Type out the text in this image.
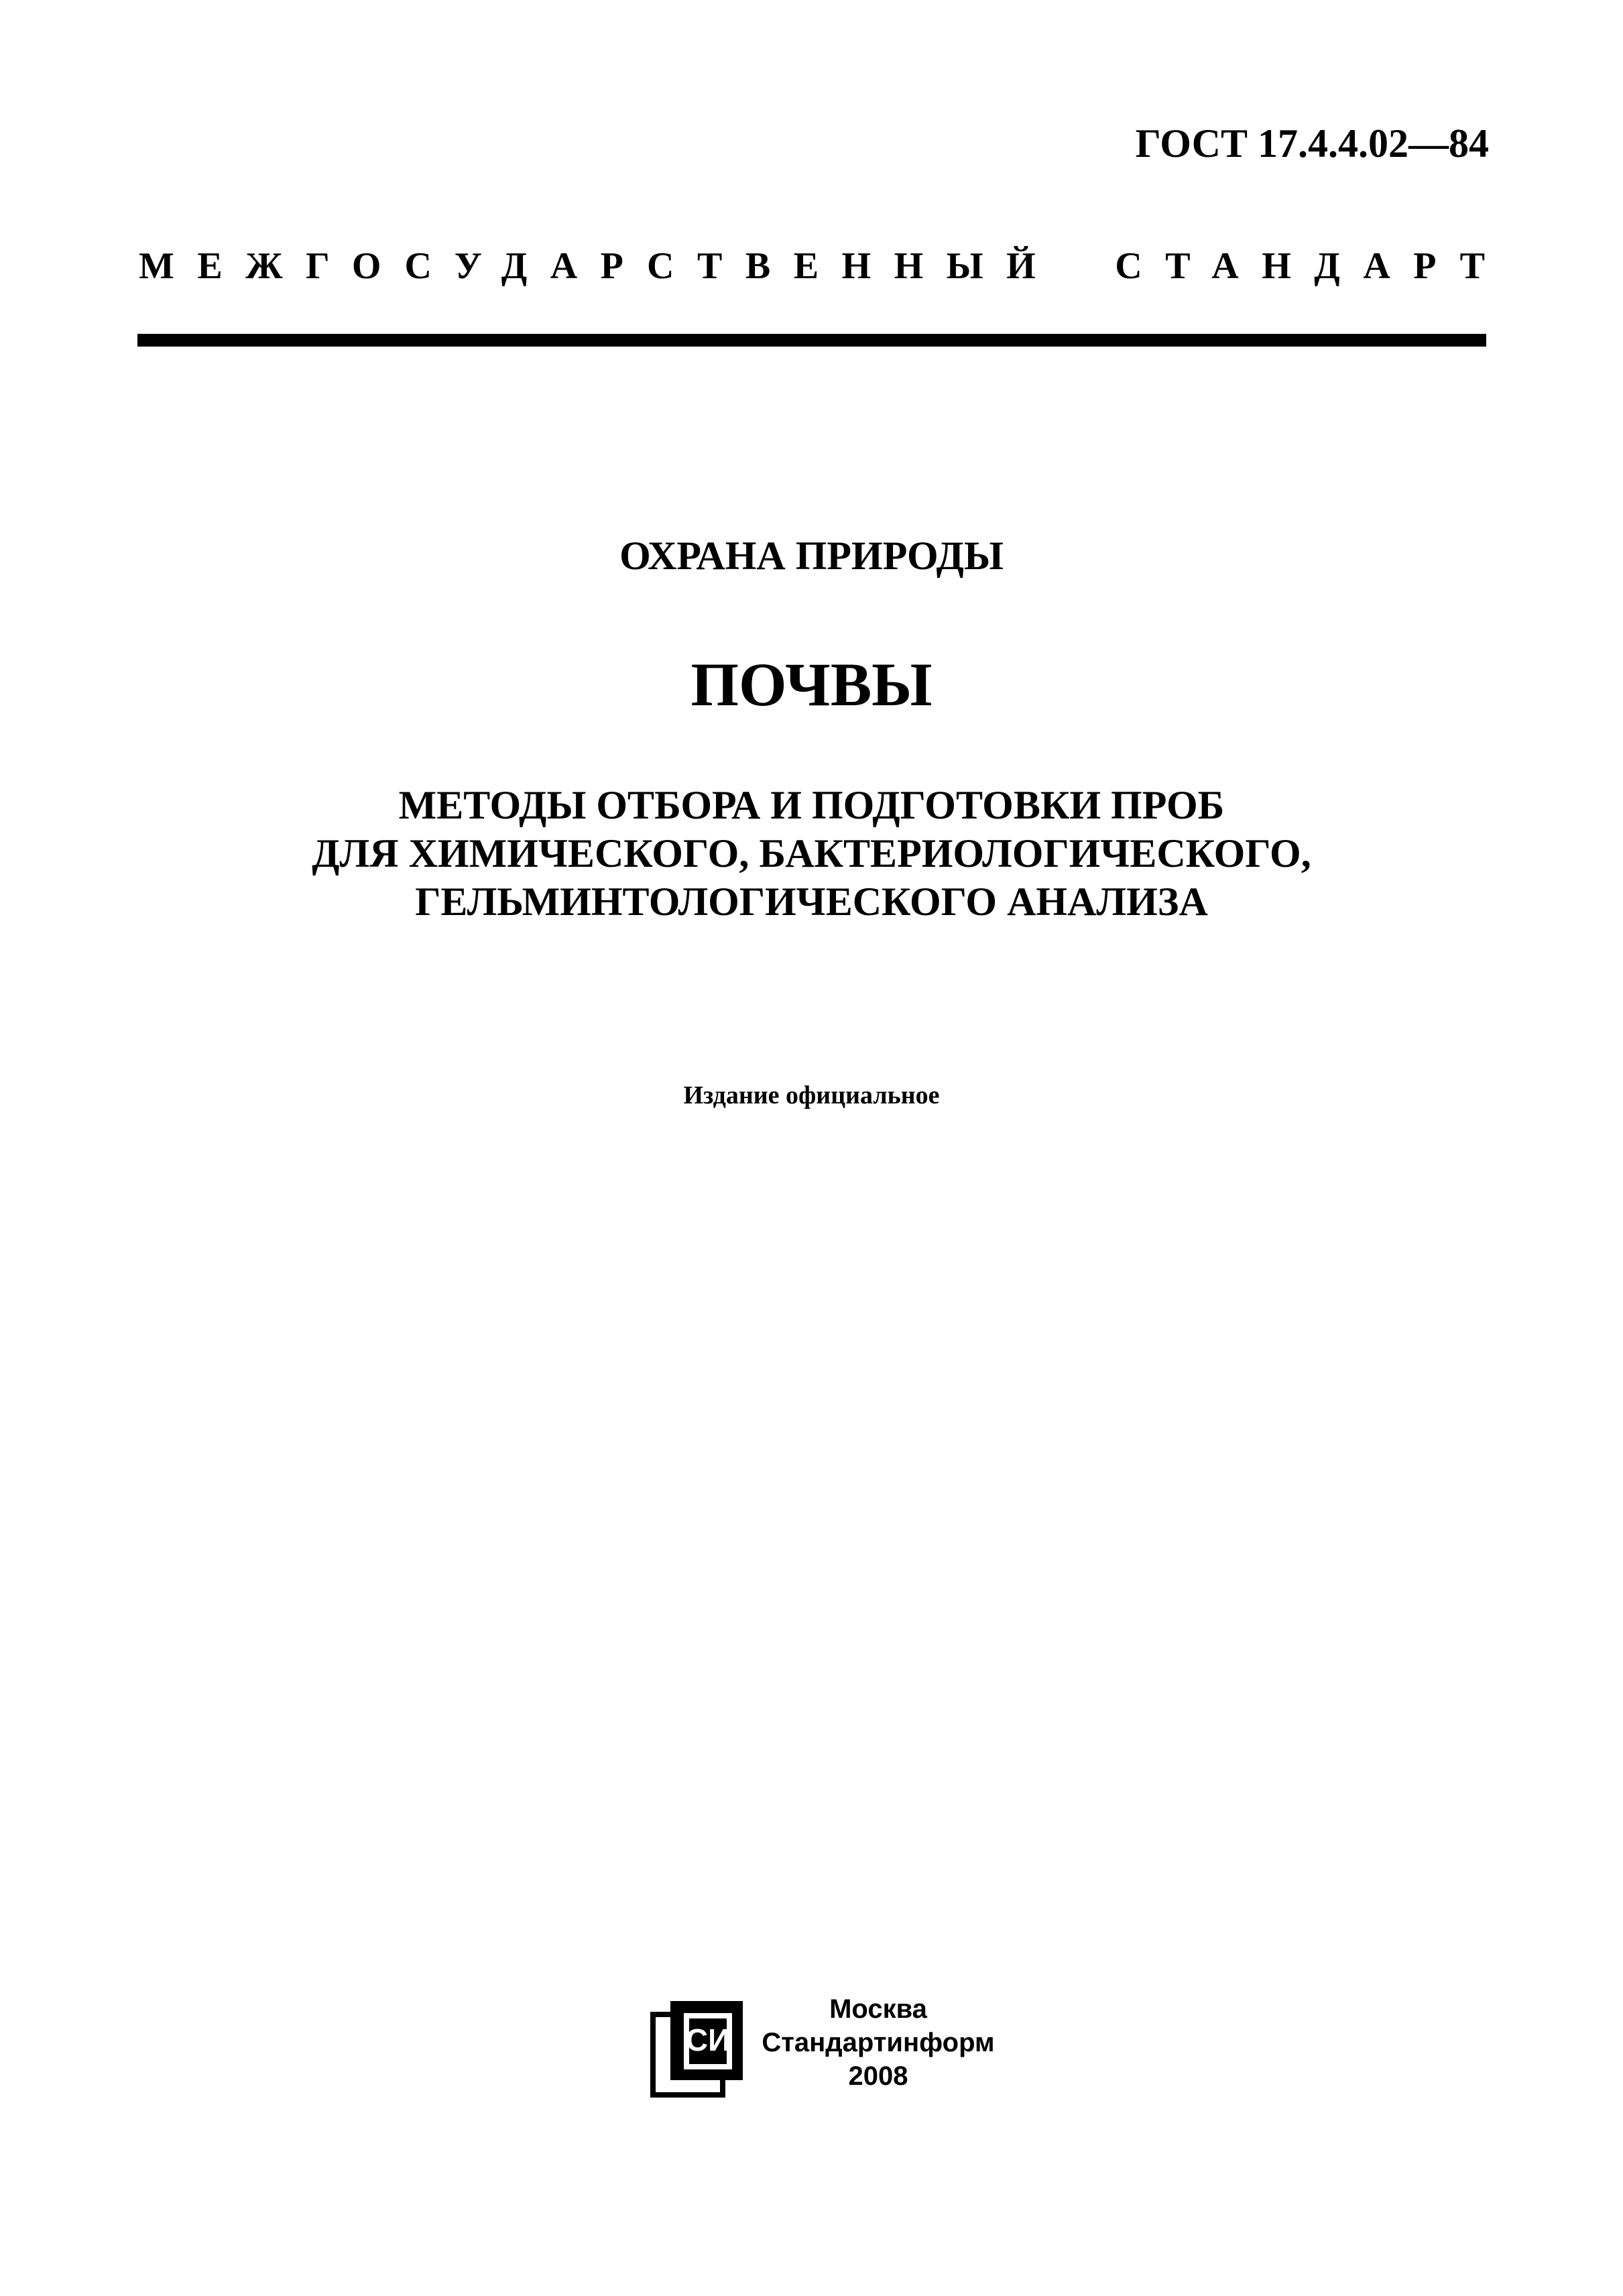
ГОСТ 17.4.4.02—84
МЕЖГОСУДАРСТВЕННЫЙ СТАНДАРТ
ОХРАНА ПРИРОДЫ
ПОЧВЫ
МЕТОДЫ ОТБОРА И ПОДГОТОВКИ ПРОБ
ДЛЯ ХИМИЧЕСКОГО, БАКТЕРИОЛОГИЧЕСКОГО,
ГЕЛЬМИНТОЛОГИЧЕСКОГО АНАЛИЗА
Издание официальное
СИ
Москва
Стандартинформ
2008
